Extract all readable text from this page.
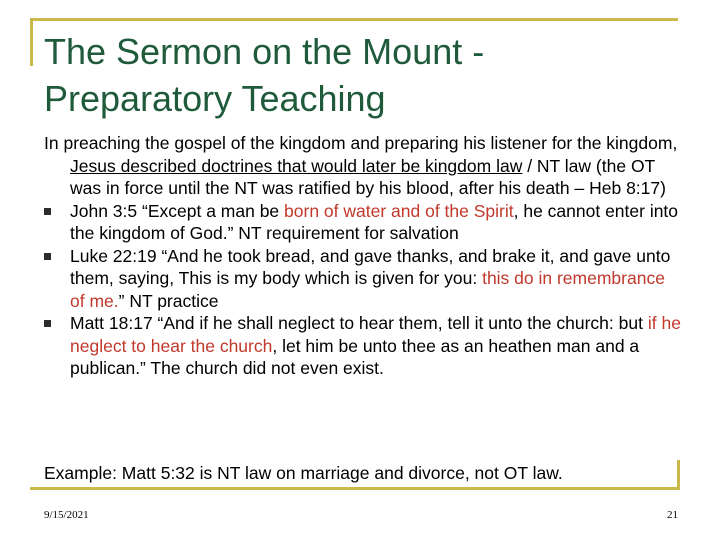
The Sermon on the Mount -
Preparatory Teaching

In preaching the gospel of the kingdom and preparing his listener for the kingdom, Jesus described doctrines that would later be kingdom law / NT law (the OT was in force until the NT was ratified by his blood, after his death – Heb 8:17)

John 3:5 “Except a man be born of water and of the Spirit, he cannot enter into the kingdom of God.” NT requirement for salvation
Luke 22:19 “And he took bread, and gave thanks, and brake it, and gave unto them, saying, This is my body which is given for you: this do in remembrance of me.” NT practice
Matt 18:17 “And if he shall neglect to hear them, tell it unto the church: but if he neglect to hear the church, let him be unto thee as an heathen man and a publican.” The church did not even exist.
Example: Matt 5:32 is NT law on marriage and divorce, not OT law.
9/15/2021	21
